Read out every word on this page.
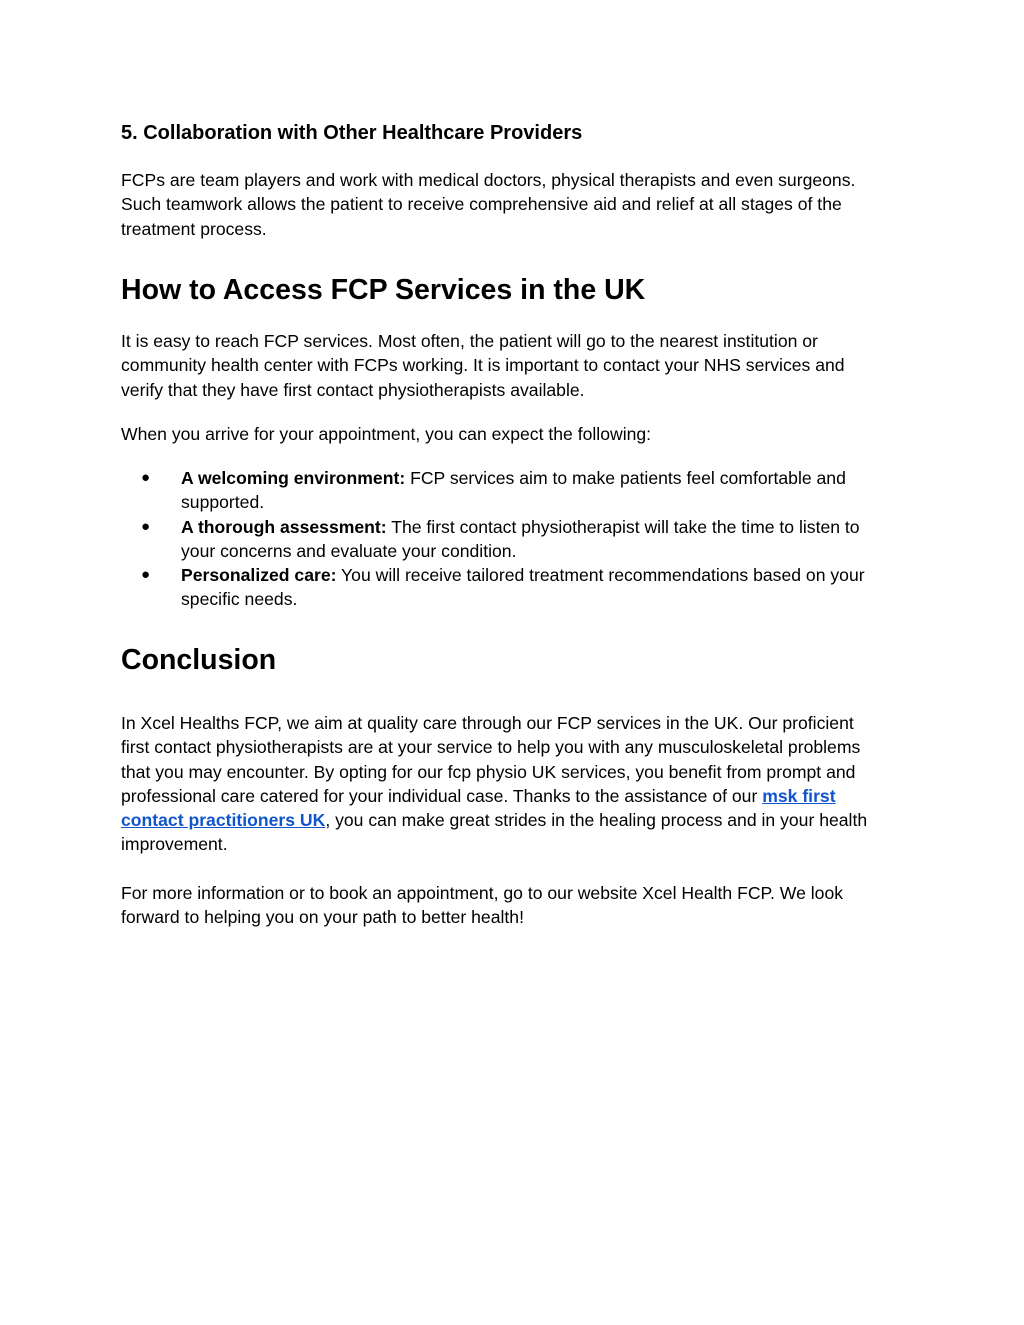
5. Collaboration with Other Healthcare Providers

FCPs are team players and work with medical doctors, physical therapists and even surgeons.
Such teamwork allows the patient to receive comprehensive aid and relief at all stages of the
treatment process.

How to Access FCP Services in the UK

It is easy to reach FCP services. Most often, the patient will go to the nearest institution or
community health center with FCPs working. It is important to contact your NHS services and
verify that they have first contact physiotherapists available.

When you arrive for your appointment, you can expect the following:

● A welcoming environment: FCP services aim to make patients feel comfortable and
supported.
● A thorough assessment: The first contact physiotherapist will take the time to listen to
your concerns and evaluate your condition.
● Personalized care: You will receive tailored treatment recommendations based on your
specific needs.
Conclusion

In Xcel Healths FCP, we aim at quality care through our FCP services in the UK. Our proficient
first contact physiotherapists are at your service to help you with any musculoskeletal problems
that you may encounter. By opting for our fcp physio UK services, you benefit from prompt and
professional care catered for your individual case. Thanks to the assistance of our msk first
contact practitioners UK, you can make great strides in the healing process and in your health
improvement.

For more information or to book an appointment, go to our website Xcel Health FCP. We look
forward to helping you on your path to better health!
